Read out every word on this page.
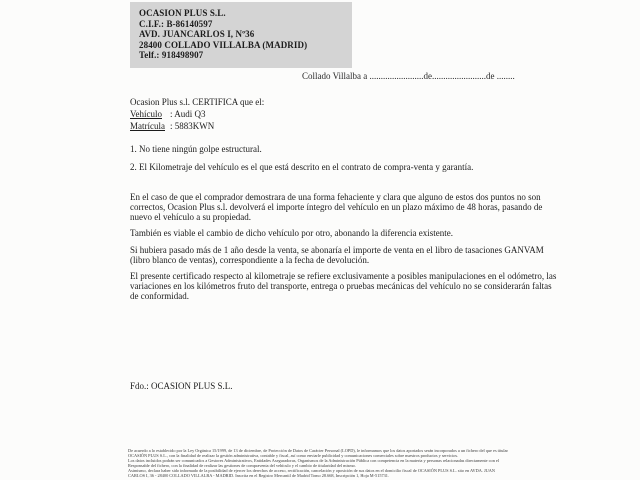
OCASION PLUS S.L.
C.I.F.: B-86140597
AVD. JUANCARLOS I, Nº36
28400 COLLADO VILLALBA (MADRID)
Telf.: 918498907
Collado Villalba a ........................de........................de ........
Ocasion Plus s.l. CERTIFICA que el:
Vehículo : Audi Q3
Matrícula : 5883KWN
1. No tiene ningún golpe estructural.
2. El Kilometraje del vehículo es el que está descrito en el contrato de compra-venta y garantía.
En el caso de que el comprador demostrara de una forma fehaciente y clara que alguno de estos dos puntos no son correctos, Ocasion Plus s.l. devolverá el importe íntegro del vehículo en un plazo máximo de 48 horas, pasando de nuevo el vehículo a su propiedad.
También es viable el cambio de dicho vehículo por otro, abonando la diferencia existente.
Si hubiera pasado más de 1 año desde la venta, se abonaría el importe de venta en el libro de tasaciones GANVAM (libro blanco de ventas), correspondiente a la fecha de devolución.
El presente certificado respecto al kilometraje se refiere exclusivamente a posibles manipulaciones en el odómetro, las variaciones en los kilómetros fruto del transporte, entrega o pruebas mecánicas del vehículo no se considerarán faltas de conformidad.
Fdo.: OCASION PLUS S.L.
De acuerdo a lo establecido por la Ley Orgánica 15/1999, de 13 de diciembre, de Protección de Datos de Carácter Personal (LOPD), le informamos que los datos aportados serán incorporados a un fichero del que es titular
OCASIÓN PLUS S.L., con la finalidad de realizar la gestión administrativa, contable y fiscal, así como enviarle publicidad y comunicaciones comerciales sobre nuestros productos y servicios.
Los datos incluidos podrán ser comunicados a Gestores Administrativos, Entidades Aseguradoras, Organismos de la Administración Pública con competencia en la materia y personas relacionadas directamente con el
Responsable del fichero, con la finalidad de realizar las gestiones de compraventa del vehículo y el cambio de titularidad del mismo.
Asimismo, declara haber sido informado de la posibilidad de ejercer los derechos de acceso, rectificación, cancelación y oposición de sus datos en el domicilio fiscal de OCASIÓN PLUS S.L. sito en AVDA. JUAN
CARLOS I, 36 - 28400 COLLADO VILLALBA - MADRID. Inscrita en el Registro Mercantil de Madrid Tomo 28.668, Inscripción 1, Hoja M-515731.
